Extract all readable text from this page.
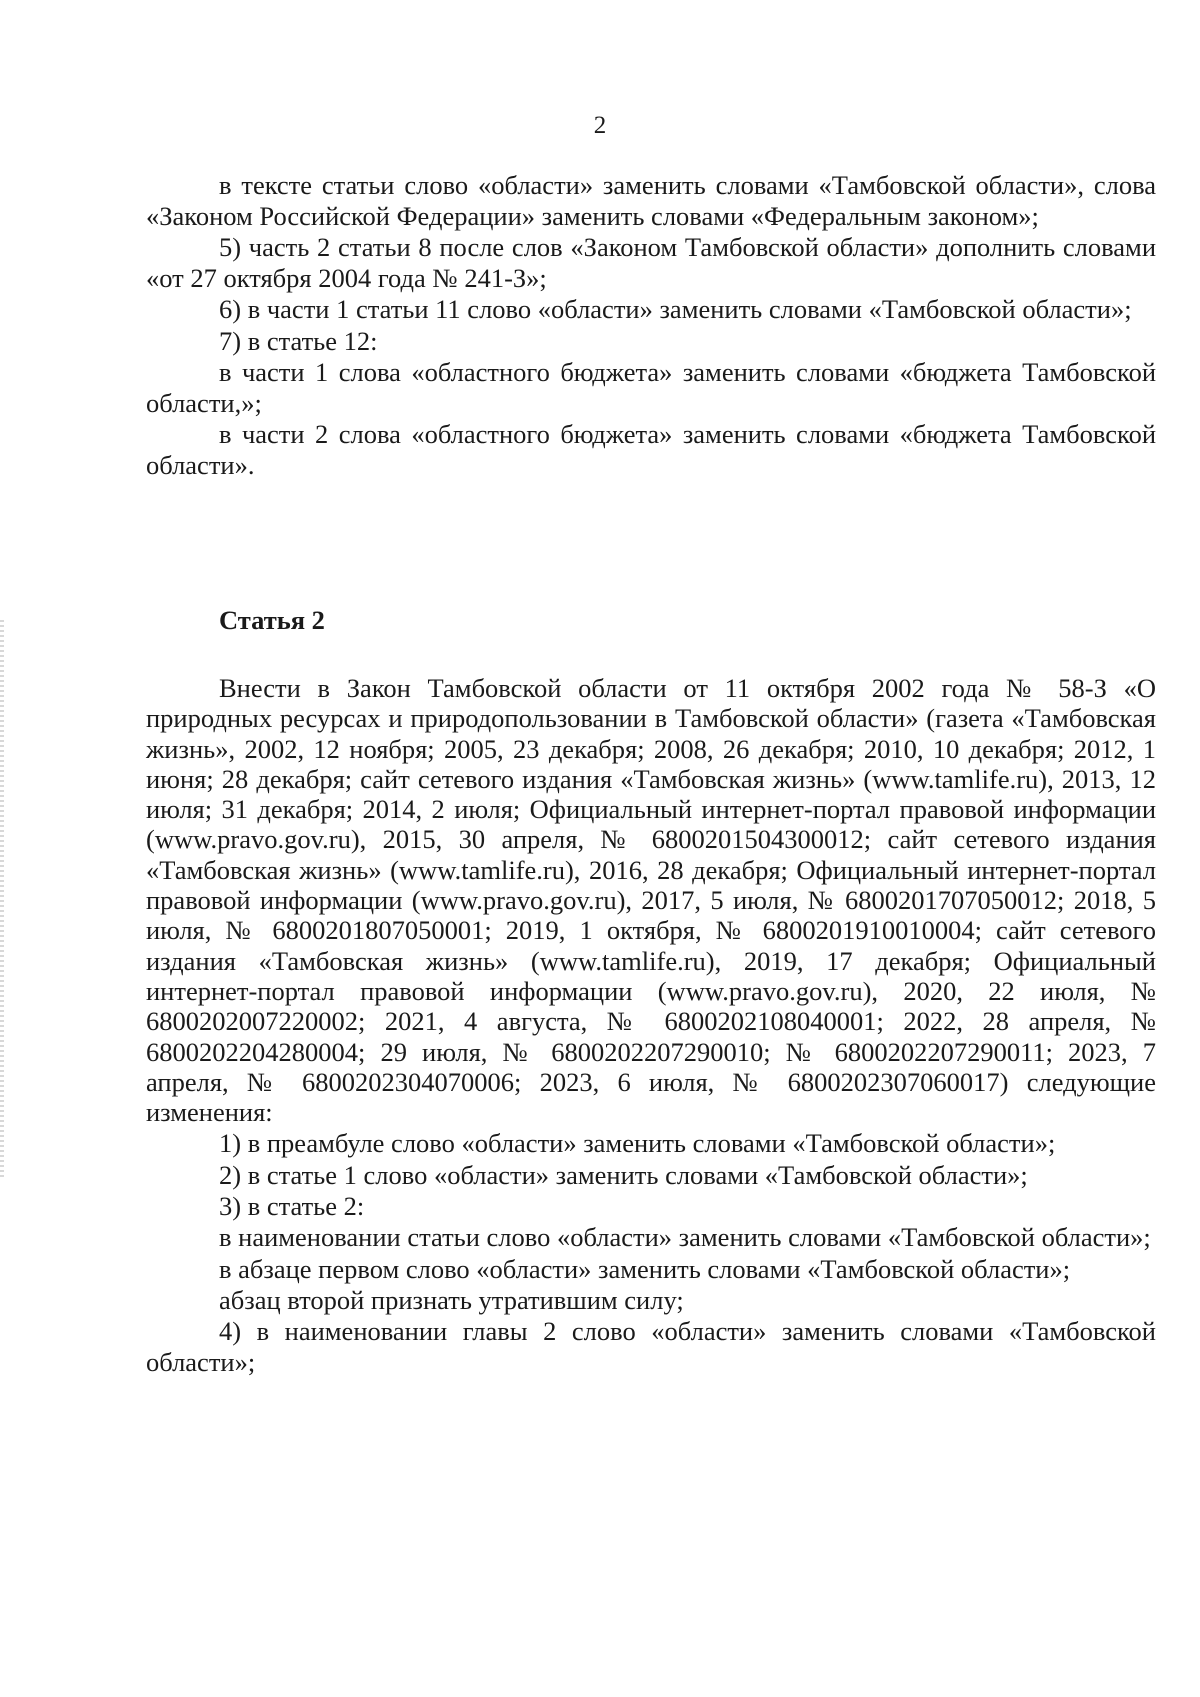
2

в тексте статьи слово «области» заменить словами «Тамбовской области», слова «Законом Российской Федерации» заменить словами «Федеральным законом»;

5) часть 2 статьи 8 после слов «Законом Тамбовской области» дополнить словами «от 27 октября 2004 года № 241-З»;

6) в части 1 статьи 11 слово «области» заменить словами «Тамбовской области»;

7) в статье 12:

в части 1 слова «областного бюджета» заменить словами «бюджета Тамбовской области,»;

в части 2 слова «областного бюджета» заменить словами «бюджета Тамбовской области».

Статья 2

Внести в Закон Тамбовской области от 11 октября 2002 года № 58-З «О природных ресурсах и природопользовании в Тамбовской области» (газета «Тамбовская жизнь», 2002, 12 ноября; 2005, 23 декабря; 2008, 26 декабря; 2010, 10 декабря; 2012, 1 июня; 28 декабря; сайт сетевого издания «Тамбовская жизнь» (www.tamlife.ru), 2013, 12 июля; 31 декабря; 2014, 2 июля; Официальный интернет-портал правовой информации (www.pravo.gov.ru), 2015, 30 апреля, № 6800201504300012; сайт сетевого издания «Тамбовская жизнь» (www.tamlife.ru), 2016, 28 декабря; Официальный интернет-портал правовой информации (www.pravo.gov.ru), 2017, 5 июля, № 6800201707050012; 2018, 5 июля, № 6800201807050001; 2019, 1 октября, № 6800201910010004; сайт сетевого издания «Тамбовская жизнь» (www.tamlife.ru), 2019, 17 декабря; Официальный интернет-портал правовой информации (www.pravo.gov.ru), 2020, 22 июля, № 6800202007220002; 2021, 4 августа, № 6800202108040001; 2022, 28 апреля, № 6800202204280004; 29 июля, № 6800202207290010; № 6800202207290011; 2023, 7 апреля, № 6800202304070006; 2023, 6 июля, № 6800202307060017) следующие изменения:

1) в преамбуле слово «области» заменить словами «Тамбовской области»;

2) в статье 1 слово «области» заменить словами «Тамбовской области»;

3) в статье 2:

в наименовании статьи слово «области» заменить словами «Тамбовской области»;

в абзаце первом слово «области» заменить словами «Тамбовской области»;

абзац второй признать утратившим силу;

4) в наименовании главы 2 слово «области» заменить словами «Тамбовской области»;
